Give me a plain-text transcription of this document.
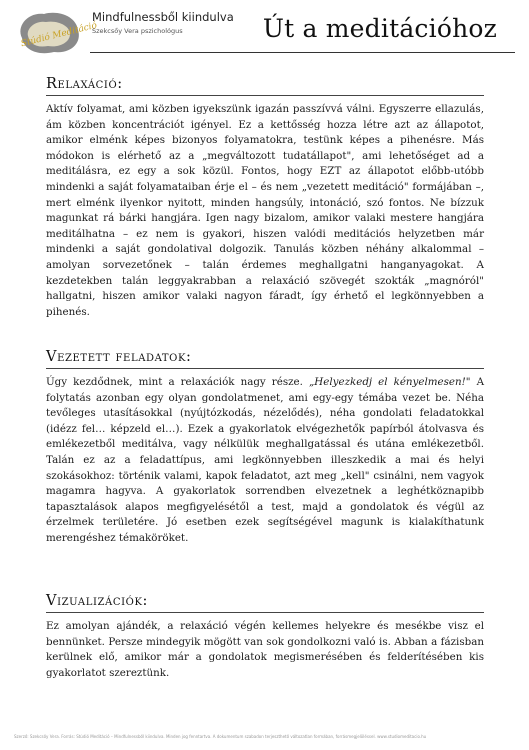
Stúdió Meditáció
Mindfulnessből kiindulva
Szekcsőy Vera pszichológus	Út a meditációhoz
Relaxáció:

Aktív folyamat, ami közben igyekszünk igazán passzívvá válni. Egyszerre ellazulás, ám közben koncentrációt igényel. Ez a kettősség hozza létre azt az állapotot, amikor elménk képes bizonyos folyamatokra, testünk képes a pihenésre. Más módokon is elérhető az a „megváltozott tudatállapot", ami lehetőséget ad a meditálásra, ez egy a sok közül. Fontos, hogy EZT az állapotot előbb-utóbb mindenki a saját folyamataiban érje el – és nem „vezetett meditáció" formájában –, mert elménk ilyenkor nyitott, minden hangsúly, intonáció, szó fontos. Ne bízzuk magunkat rá bárki hangjára. Igen nagy bizalom, amikor valaki mestere hangjára meditálhatna – ez nem is gyakori, hiszen valódi meditációs helyzetben már mindenki a saját gondolatival dolgozik. Tanulás közben néhány alkalommal – amolyan sorvezetőnek – talán érdemes meghallgatni hanganyagokat. A kezdetekben talán leggyakrabban a relaxáció szövegét szokták „magnóról" hallgatni, hiszen amikor valaki nagyon fáradt, így érhető el legkönnyebben a pihenés.

Vezetett feladatok:

Úgy kezdődnek, mint a relaxációk nagy része. „Helyezkedj el kényelmesen!" A folytatás azonban egy olyan gondolatmenet, ami egy-egy témába vezet be. Néha tevőleges utasításokkal (nyújtózkodás, nézelődés), néha gondolati feladatokkal (idézz fel… képzeld el…). Ezek a gyakorlatok elvégezhetők papírból átolvasva és emlékezetből meditálva, vagy nélkülük meghallgatással és utána emlékezetből. Talán ez az a feladattípus, ami legkönnyebben illeszkedik a mai és helyi szokásokhoz: történik valami, kapok feladatot, azt meg „kell" csinálni, nem vagyok magamra hagyva. A gyakorlatok sorrendben elvezetnek a leghétköznapibb tapasztalások alapos megfigyelésétől a test, majd a gondolatok és végül az érzelmek területére. Jó esetben ezek segítségével magunk is kialakíthatunk merengéshez témaköröket.

Vizualizációk:

Ez amolyan ajándék, a relaxáció végén kellemes helyekre és mesékbe visz el bennünket. Persze mindegyik mögött van sok gondolkozni való is. Abban a fázisban kerülnek elő, amikor már a gondolatok megismerésében és felderítésében kis gyakorlatot szereztünk.

Szerző: Szekcsőy Vera. Forrás: Stúdió Meditáció – Mindfulnessből kiindulva. Minden jog fenntartva. A dokumentum szabadon terjeszthető változatlan formában, forrásmegjelöléssel. www.studiomeditacio.hu
